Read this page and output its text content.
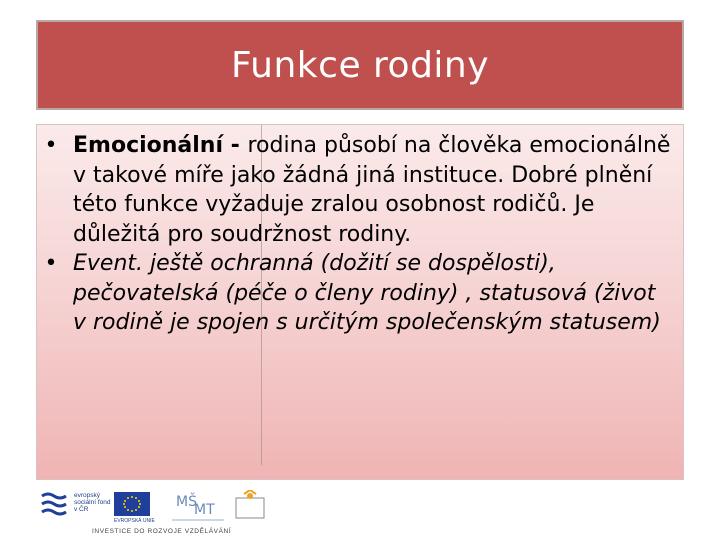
Funkce rodiny
• Emocionální - rodina působí na člověka emocionálně v takové míře jako žádná jiná instituce. Dobré plnění této funkce vyžaduje zralou osobnost rodičů. Je důležitá pro soudržnost rodiny.
• Event. ještě ochranná (dožití se dospělosti), pečovatelská (péče o členy rodiny) , statusová (život v rodině je spojen s určitým společenským statusem)
evropský sociální fond v ČR
EVROPSKÁ UNIE
MŠ
MT
INVESTICE DO ROZVOJE VZDĚLÁVÁNÍ
